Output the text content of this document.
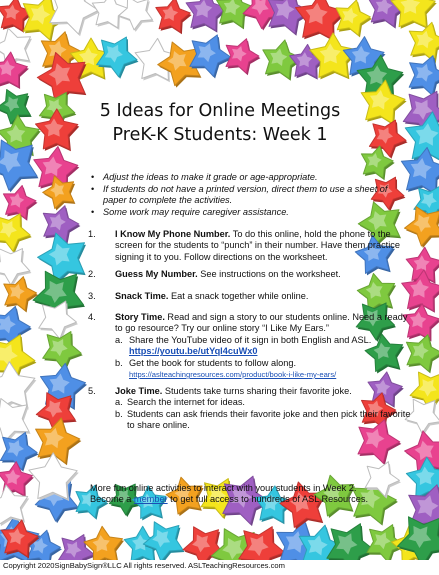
5 Ideas for Online Meetings
PreK-K Students: Week 1
• Adjust the ideas to make it grade or age-appropriate.
• If students do not have a printed version, direct them to use a sheet of paper to complete the activities.
• Some work may require caregiver assistance.
1. I Know My Phone Number. To do this online, hold the phone to the screen for the students to “punch” in their number. Have them practice signing it to you. Follow directions on the worksheet.
2. Guess My Number. See instructions on the worksheet.
3. Snack Time. Eat a snack together while online.
4. Story Time. Read and sign a story to our students online. Need a ready to go resource? Try our online story “I Like My Ears.”
a. Share the YouTube video of it sign in both English and ASL.
https://youtu.be/utYql4cuWx0
b. Get the book for students to follow along.
https://aslteachingresources.com/product/book-i-like-my-ears/
5. Joke Time. Students take turns sharing their favorite joke.
a. Search the internet for ideas.
b. Students can ask friends their favorite joke and then pick their favorite to share online.
More fun online activities to interact with your students in Week 2.
Become a member to get full access to hundreds of ASL Resources.
Copyright 2020SignBabySign®LLC All rights reserved. ASLTeachingResources.com
